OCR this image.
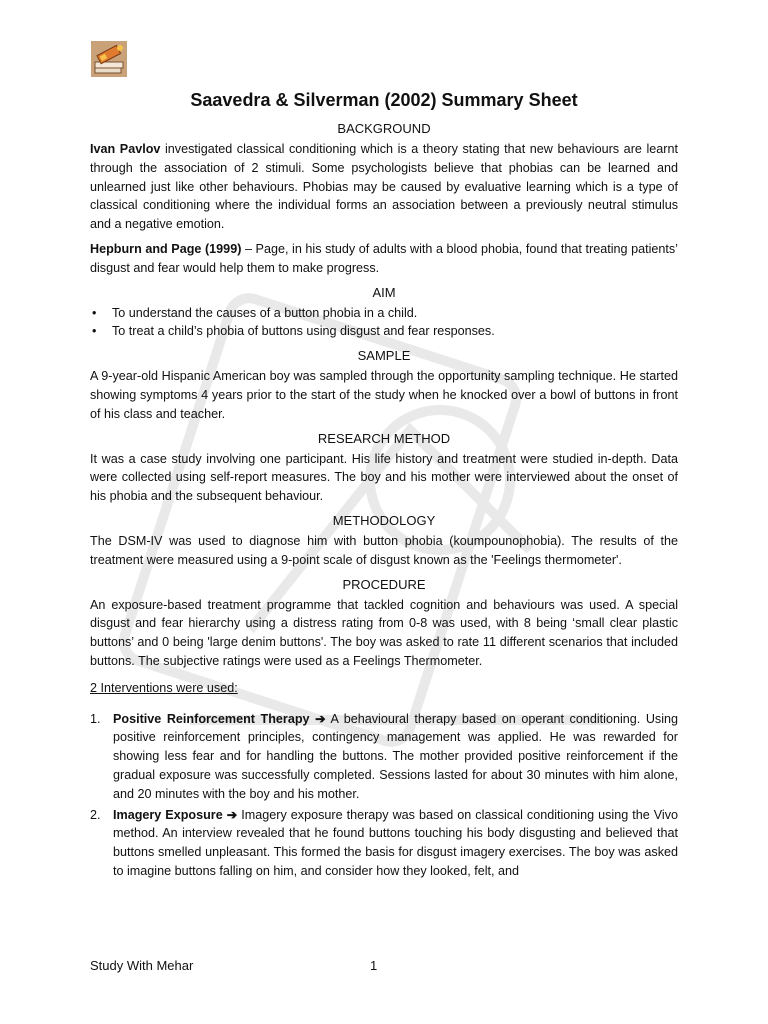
Saavedra & Silverman (2002) Summary Sheet
BACKGROUND

Ivan Pavlov investigated classical conditioning which is a theory stating that new behaviours are learnt through the association of 2 stimuli. Some psychologists believe that phobias can be learned and unlearned just like other behaviours. Phobias may be caused by evaluative learning which is a type of classical conditioning where the individual forms an association between a previously neutral stimulus and a negative emotion.

Hepburn and Page (1999) – Page, in his study of adults with a blood phobia, found that treating patients’ disgust and fear would help them to make progress.

AIM
• To understand the causes of a button phobia in a child.
• To treat a child’s phobia of buttons using disgust and fear responses.
SAMPLE

A 9-year-old Hispanic American boy was sampled through the opportunity sampling technique. He started showing symptoms 4 years prior to the start of the study when he knocked over a bowl of buttons in front of his class and teacher.

RESEARCH METHOD

It was a case study involving one participant. His life history and treatment were studied in-depth. Data were collected using self-report measures. The boy and his mother were interviewed about the onset of his phobia and the subsequent behaviour.

METHODOLOGY

The DSM-IV was used to diagnose him with button phobia (koumpounophobia). The results of the treatment were measured using a 9-point scale of disgust known as the 'Feelings thermometer'.

PROCEDURE

An exposure-based treatment programme that tackled cognition and behaviours was used. A special disgust and fear hierarchy using a distress rating from 0-8 was used, with 8 being ‘small clear plastic buttons’ and 0 being 'large denim buttons'. The boy was asked to rate 11 different scenarios that included buttons. The subjective ratings were used as a Feelings Thermometer.

2 Interventions were used:

1. Positive Reinforcement Therapy ➔ A behavioural therapy based on operant conditioning. Using positive reinforcement principles, contingency management was applied. He was rewarded for showing less fear and for handling the buttons. The mother provided positive reinforcement if the gradual exposure was successfully completed. Sessions lasted for about 30 minutes with him alone, and 20 minutes with the boy and his mother.
2. Imagery Exposure ➔ Imagery exposure therapy was based on classical conditioning using the Vivo method. An interview revealed that he found buttons touching his body disgusting and believed that buttons smelled unpleasant. This formed the basis for disgust imagery exercises. The boy was asked to imagine buttons falling on him, and consider how they looked, felt, and
Study With Mehar	1
